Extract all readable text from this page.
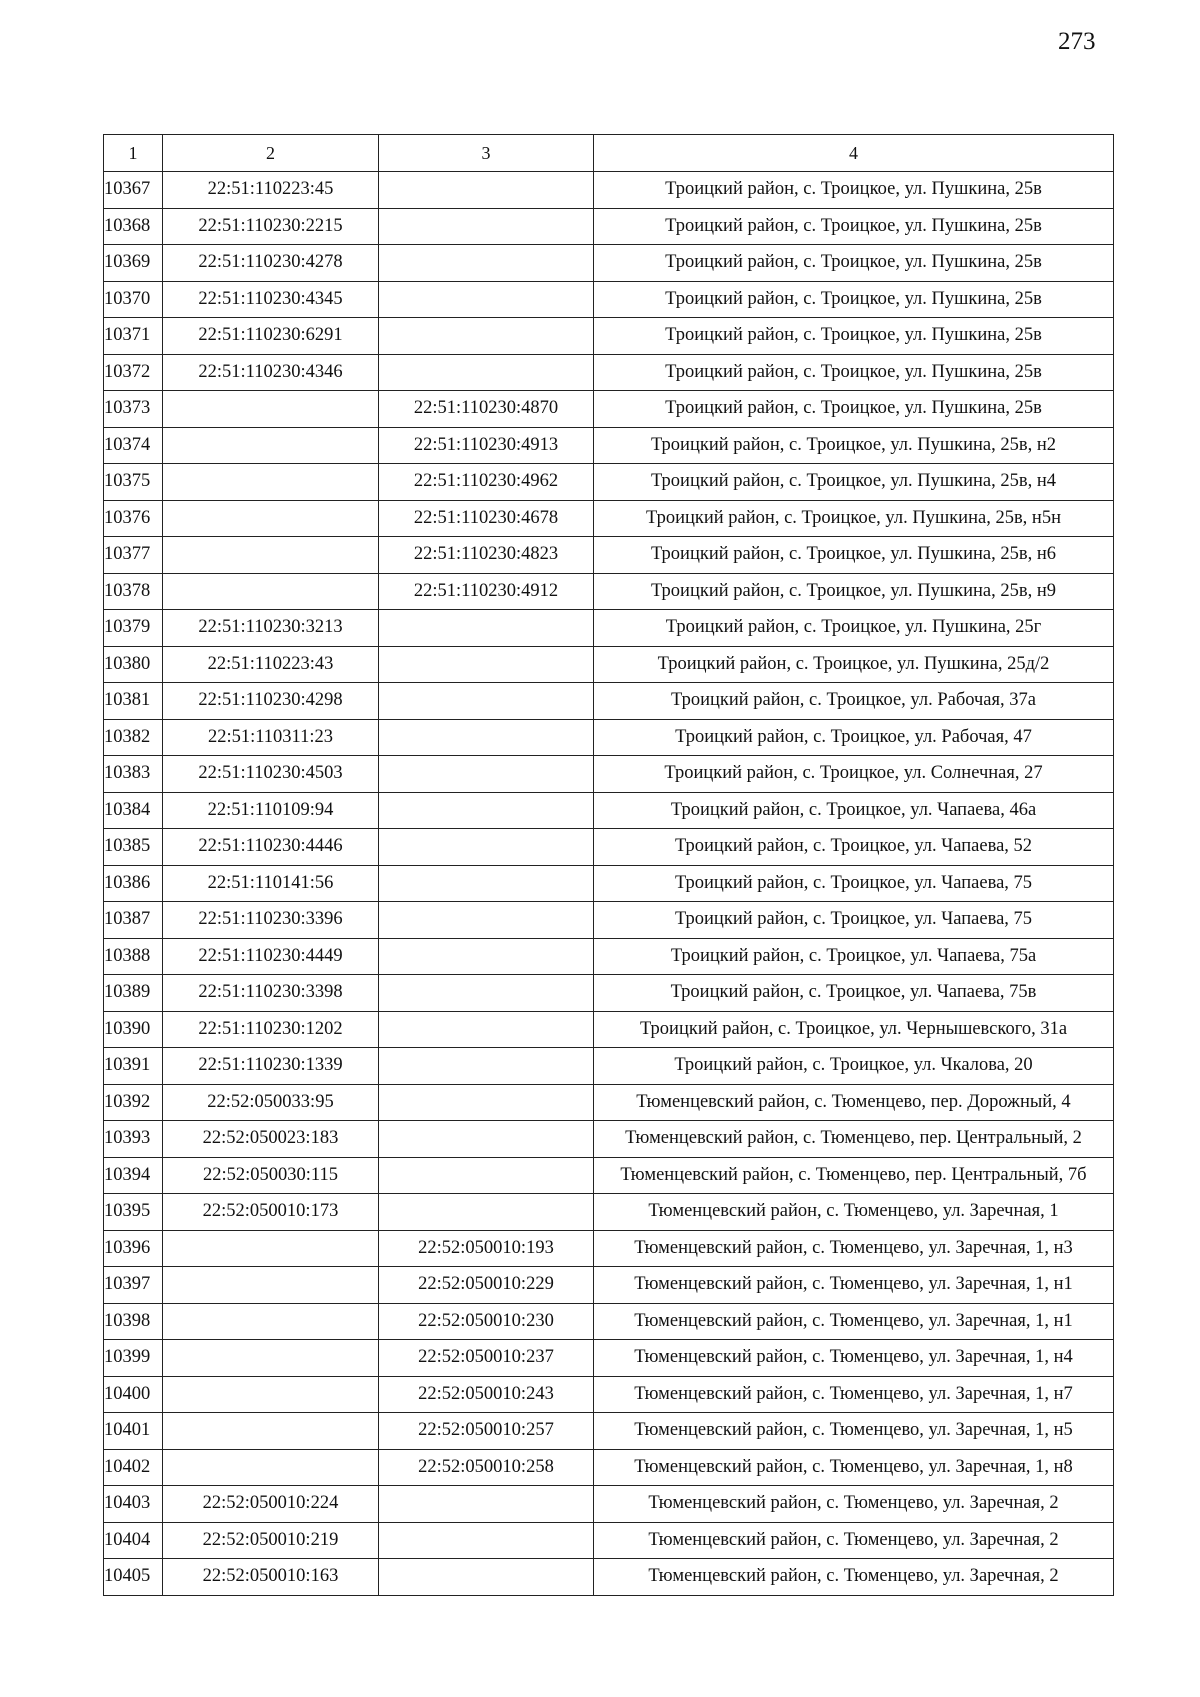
273
1	2	3	4
10367	22:51:110223:45		Троицкий район, с. Троицкое, ул. Пушкина, 25в
10368	22:51:110230:2215		Троицкий район, с. Троицкое, ул. Пушкина, 25в
10369	22:51:110230:4278		Троицкий район, с. Троицкое, ул. Пушкина, 25в
10370	22:51:110230:4345		Троицкий район, с. Троицкое, ул. Пушкина, 25в
10371	22:51:110230:6291		Троицкий район, с. Троицкое, ул. Пушкина, 25в
10372	22:51:110230:4346		Троицкий район, с. Троицкое, ул. Пушкина, 25в
10373		22:51:110230:4870	Троицкий район, с. Троицкое, ул. Пушкина, 25в
10374		22:51:110230:4913	Троицкий район, с. Троицкое, ул. Пушкина, 25в, н2
10375		22:51:110230:4962	Троицкий район, с. Троицкое, ул. Пушкина, 25в, н4
10376		22:51:110230:4678	Троицкий район, с. Троицкое, ул. Пушкина, 25в, н5н
10377		22:51:110230:4823	Троицкий район, с. Троицкое, ул. Пушкина, 25в, н6
10378		22:51:110230:4912	Троицкий район, с. Троицкое, ул. Пушкина, 25в, н9
10379	22:51:110230:3213		Троицкий район, с. Троицкое, ул. Пушкина, 25г
10380	22:51:110223:43		Троицкий район, с. Троицкое, ул. Пушкина, 25д/2
10381	22:51:110230:4298		Троицкий район, с. Троицкое, ул. Рабочая, 37а
10382	22:51:110311:23		Троицкий район, с. Троицкое, ул. Рабочая, 47
10383	22:51:110230:4503		Троицкий район, с. Троицкое, ул. Солнечная, 27
10384	22:51:110109:94		Троицкий район, с. Троицкое, ул. Чапаева, 46а
10385	22:51:110230:4446		Троицкий район, с. Троицкое, ул. Чапаева, 52
10386	22:51:110141:56		Троицкий район, с. Троицкое, ул. Чапаева, 75
10387	22:51:110230:3396		Троицкий район, с. Троицкое, ул. Чапаева, 75
10388	22:51:110230:4449		Троицкий район, с. Троицкое, ул. Чапаева, 75а
10389	22:51:110230:3398		Троицкий район, с. Троицкое, ул. Чапаева, 75в
10390	22:51:110230:1202		Троицкий район, с. Троицкое, ул. Чернышевского, 31а
10391	22:51:110230:1339		Троицкий район, с. Троицкое, ул. Чкалова, 20
10392	22:52:050033:95		Тюменцевский район, с. Тюменцево, пер. Дорожный, 4
10393	22:52:050023:183		Тюменцевский район, с. Тюменцево, пер. Центральный, 2
10394	22:52:050030:115		Тюменцевский район, с. Тюменцево, пер. Центральный, 7б
10395	22:52:050010:173		Тюменцевский район, с. Тюменцево, ул. Заречная, 1
10396		22:52:050010:193	Тюменцевский район, с. Тюменцево, ул. Заречная, 1, н3
10397		22:52:050010:229	Тюменцевский район, с. Тюменцево, ул. Заречная, 1, н1
10398		22:52:050010:230	Тюменцевский район, с. Тюменцево, ул. Заречная, 1, н1
10399		22:52:050010:237	Тюменцевский район, с. Тюменцево, ул. Заречная, 1, н4
10400		22:52:050010:243	Тюменцевский район, с. Тюменцево, ул. Заречная, 1, н7
10401		22:52:050010:257	Тюменцевский район, с. Тюменцево, ул. Заречная, 1, н5
10402		22:52:050010:258	Тюменцевский район, с. Тюменцево, ул. Заречная, 1, н8
10403	22:52:050010:224		Тюменцевский район, с. Тюменцево, ул. Заречная, 2
10404	22:52:050010:219		Тюменцевский район, с. Тюменцево, ул. Заречная, 2
10405	22:52:050010:163		Тюменцевский район, с. Тюменцево, ул. Заречная, 2
